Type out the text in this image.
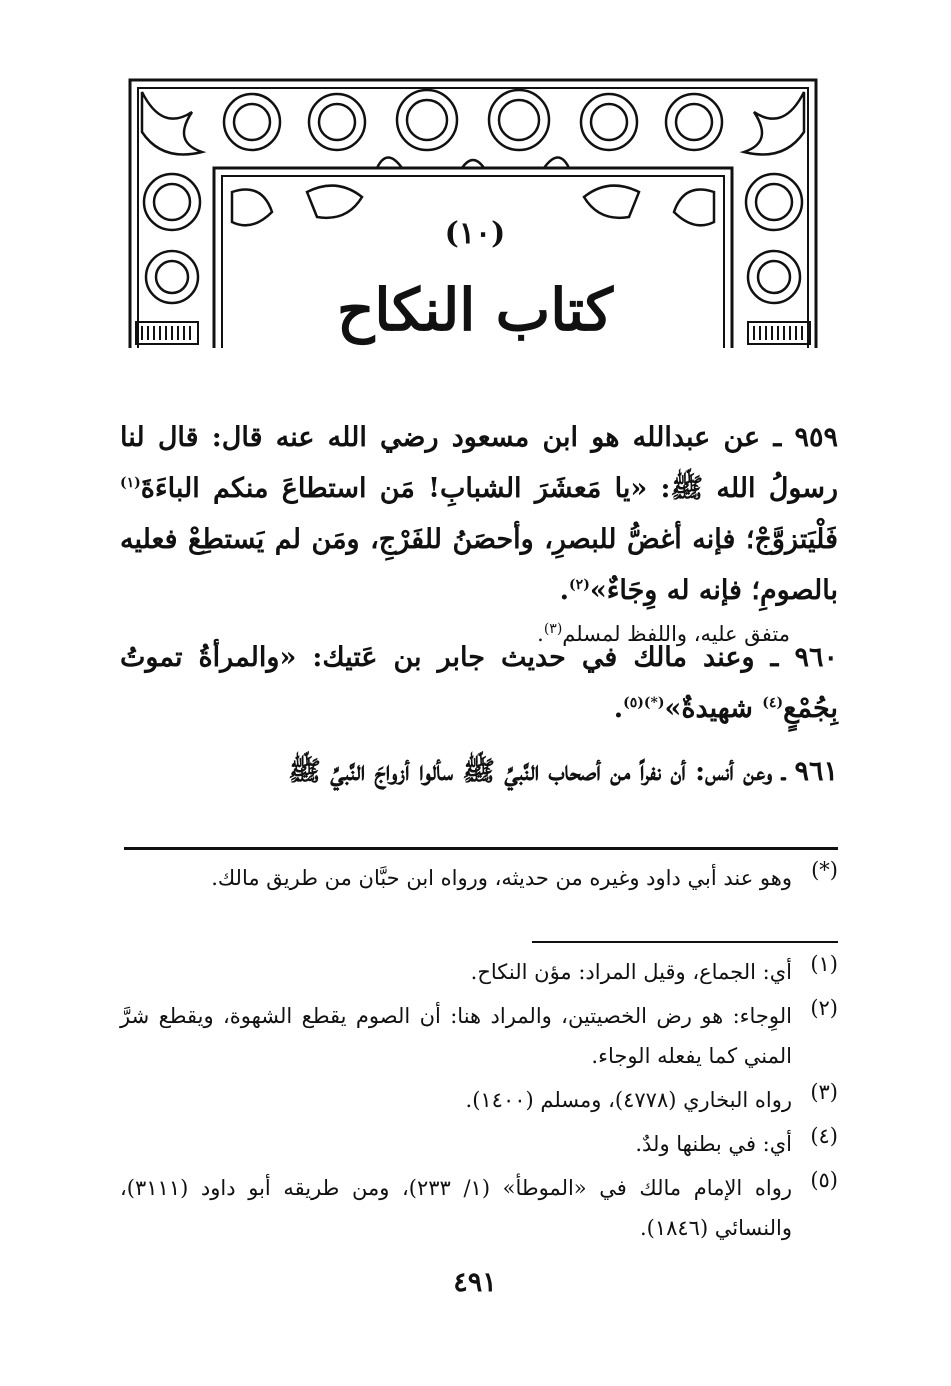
(١٠)
كتاب النكاح

٩٥٩ ـ عن عبدالله هو ابن مسعود رضي الله عنه قال: قال لنا رسولُ الله ﷺ: «يا مَعشَرَ الشبابِ! مَن استطاعَ منكم الباءَةَ$^{(١)}$ فَلْيَتزوَّجْ؛ فإنه أغضُّ للبصرِ، وأحصَنُ للفَرْجِ، ومَن لم يَستطِعْ فعليه بالصومِ؛ فإنه له وِجَاءٌ»$^{(٢)}$.

متفق عليه، واللفظ لمسلم$^{(٣)}$.

٩٦٠ ـ وعند مالك في حديث جابر بن عَتيك: «والمرأةُ تموتُ بِجُمْعٍ$^{(٤)}$ شهيدةٌ»$^{(*)(٥)}$.

٩٦١ ـ وعن أنس: أن نفراً من أصحاب النَّبيِّ ﷺ سألوا أزواجَ النَّبيِّ ﷺ

(*)
وهو عند أبي داود وغيره من حديثه، ورواه ابن حبَّان من طريق مالك.
(١)
أي: الجماع، وقيل المراد: مؤن النكاح.
(٢)
الوِجاء: هو رض الخصيتين، والمراد هنا: أن الصوم يقطع الشهوة، ويقطع شرَّ المني كما يفعله الوجاء.
(٣)
رواه البخاري (٤٧٧٨)، ومسلم (١٤٠٠).
(٤)
أي: في بطنها ولدٌ.
(٥)
رواه الإمام مالك في «الموطأ» (١/ ٢٣٣)، ومن طريقه أبو داود (٣١١١)، والنسائي (١٨٤٦).
٤٩١
